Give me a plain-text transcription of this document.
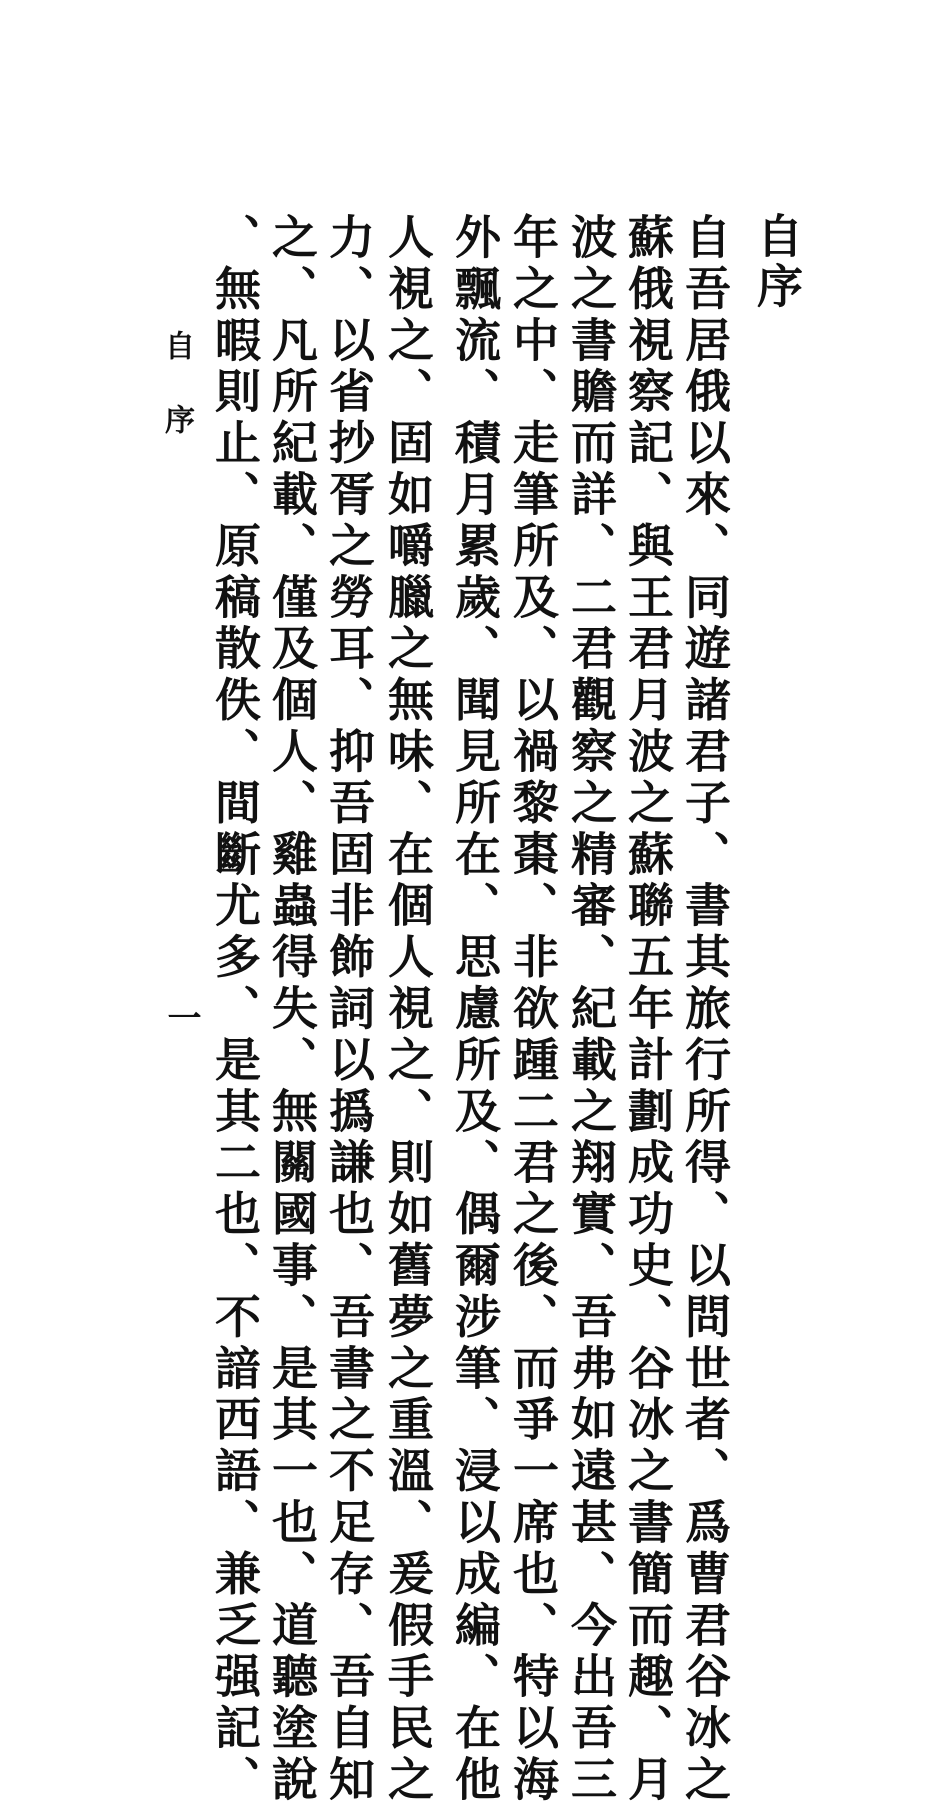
自序
自吾居俄以來、同遊諸君子、書其旅行所得、以問世者、爲曹君谷冰之
蘇俄視察記、與王君月波之蘇聯五年計劃成功史、谷冰之書簡而趣、月
波之書贍而詳、二君觀察之精審、紀載之翔實、吾弗如遠甚、今出吾三
年之中、走筆所及、以禍黎棗、非欲踵二君之後、而爭一席也、特以海
外飄流、積月累歲、聞見所在、思慮所及、偶爾涉筆、浸以成編、在他
人視之、固如嚼臘之無味、在個人視之、則如舊夢之重溫、爰假手民之
力、以省抄胥之勞耳、抑吾固非飾詞以撝謙也、吾書之不足存、吾自知
之、凡所紀載、僅及個人、雞蟲得失、無關國事、是其一也、道聽塗說
、無暇則止、原稿散佚、間斷尤多、是其二也、不諳西語、兼乏强記、
自序
一
